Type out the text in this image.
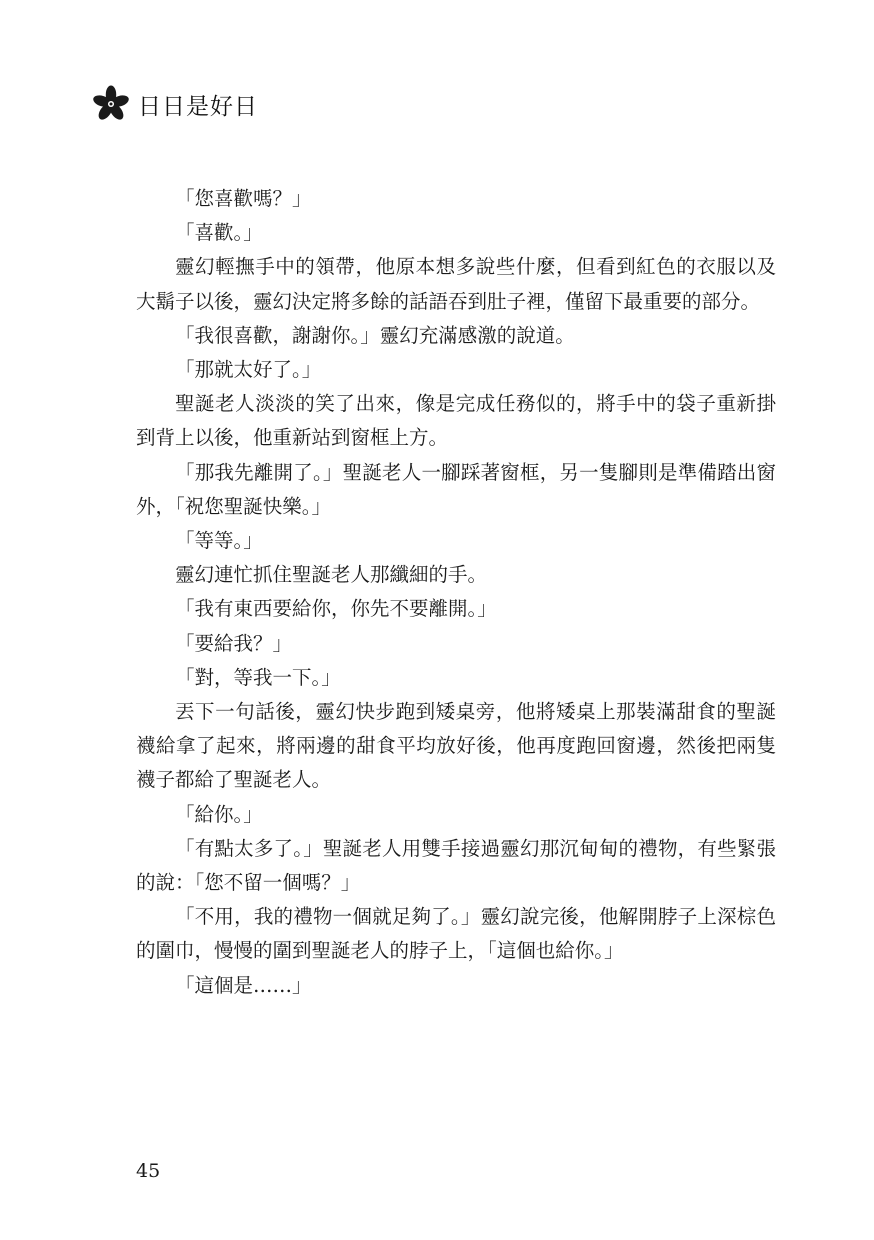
日日是好日

「您喜歡嗎？」

「喜歡。」

靈幻輕撫手中的領帶，他原本想多說些什麼，但看到紅色的衣服以及大鬍子以後，靈幻決定將多餘的話語吞到肚子裡，僅留下最重要的部分。

「我很喜歡，謝謝你。」靈幻充滿感激的說道。

「那就太好了。」

聖誕老人淡淡的笑了出來，像是完成任務似的，將手中的袋子重新掛到背上以後，他重新站到窗框上方。

「那我先離開了。」聖誕老人一腳踩著窗框，另一隻腳則是準備踏出窗外，「祝您聖誕快樂。」

「等等。」

靈幻連忙抓住聖誕老人那纖細的手。

「我有東西要給你，你先不要離開。」

「要給我？」

「對，等我一下。」

丟下一句話後，靈幻快步跑到矮桌旁，他將矮桌上那裝滿甜食的聖誕襪給拿了起來，將兩邊的甜食平均放好後，他再度跑回窗邊，然後把兩隻襪子都給了聖誕老人。

「給你。」

「有點太多了。」聖誕老人用雙手接過靈幻那沉甸甸的禮物，有些緊張的說：「您不留一個嗎？」

「不用，我的禮物一個就足夠了。」靈幻說完後，他解開脖子上深棕色的圍巾，慢慢的圍到聖誕老人的脖子上，「這個也給你。」

「這個是……」

45
